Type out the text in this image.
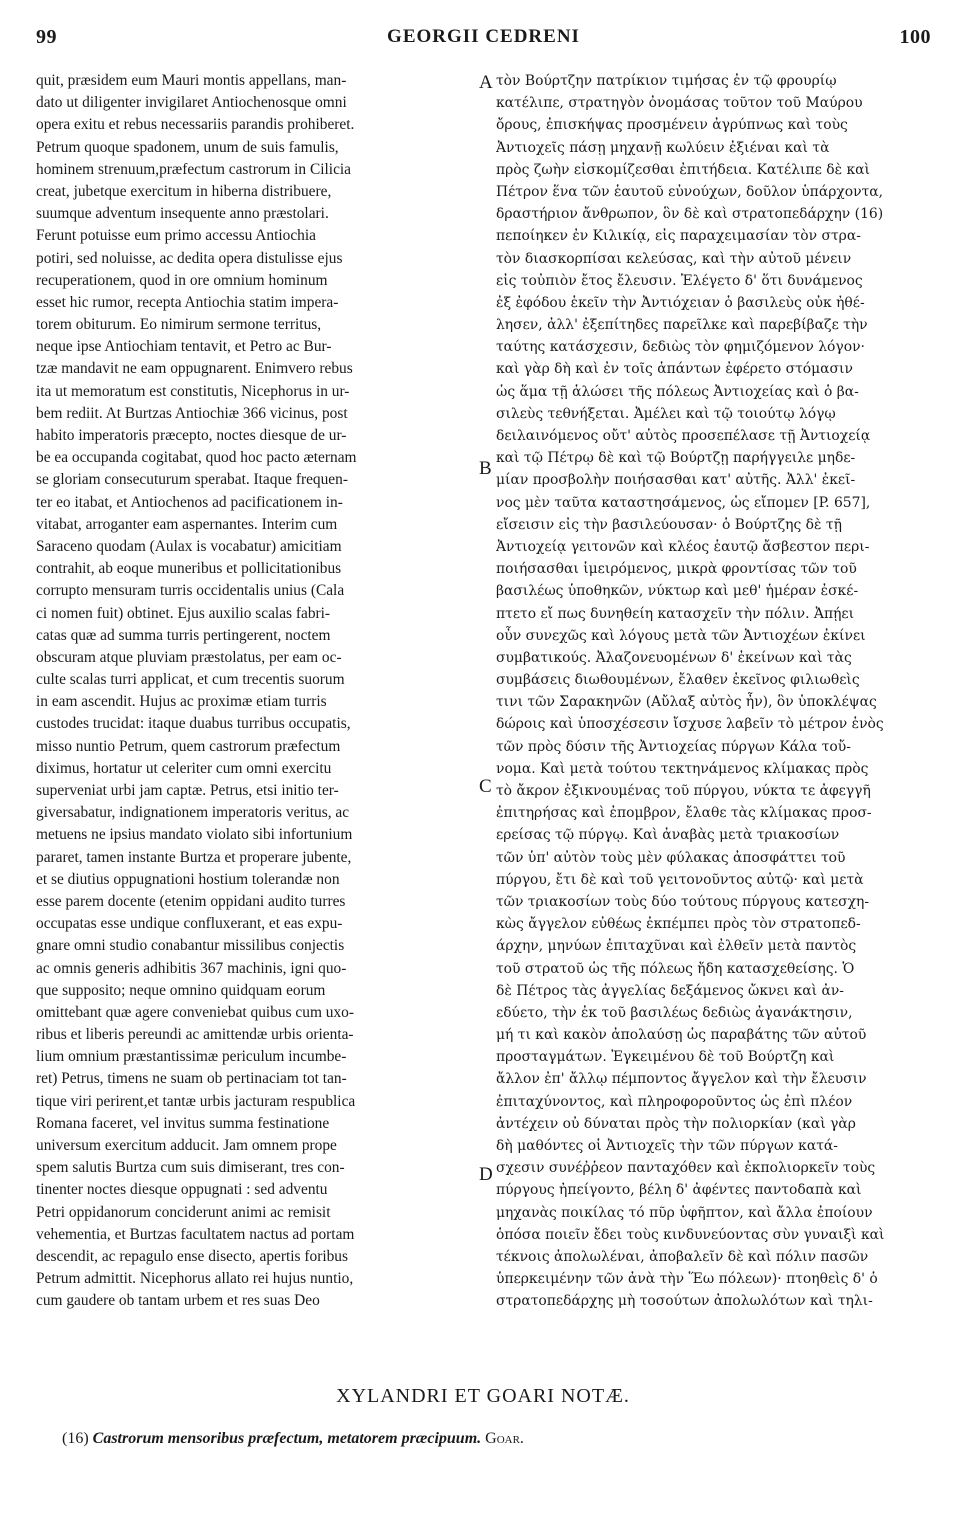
99	GEORGII CEDRENI	100
quit, præsidem eum Mauri montis appellans, man-
dato ut diligenter invigilaret Antiochenosque omni
opera exitu et rebus necessariis parandis prohiberet.
Petrum quoque spadonem, unum de suis famulis,
hominem strenuum,præfectum castrorum in Cilicia
creat, jubetque exercitum in hiberna distribuere,
suumque adventum insequente anno præstolari.
Ferunt potuisse eum primo accessu Antiochia
potiri, sed noluisse, ac dedita opera distulisse ejus
recuperationem, quod in ore omnium hominum
esset hic rumor, recepta Antiochia statim impera-
torem obiturum. Eo nimirum sermone territus,
neque ipse Antiochiam tentavit, et Petro ac Bur-
tzæ mandavit ne eam oppugnarent. Enimvero rebus
ita ut memoratum est constitutis, Nicephorus in ur-
bem rediit. At Burtzas Antiochiæ 366 vicinus, post
habito imperatoris præcepto, noctes diesque de ur-
be ea occupanda cogitabat, quod hoc pacto æternam
se gloriam consecuturum sperabat. Itaque frequen-
ter eo itabat, et Antiochenos ad pacificationem in-
vitabat, arroganter eam aspernantes. Interim cum
Saraceno quodam (Aulax is vocabatur) amicitiam
contrahit, ab eoque muneribus et pollicitationibus
corrupto mensuram turris occidentalis unius (Cala
ci nomen fuit) obtinet. Ejus auxilio scalas fabri-
catas quæ ad summa turris pertingerent, noctem
obscuram atque pluviam præstolatus, per eam oc-
culte scalas turri applicat, et cum trecentis suorum
in eam ascendit. Hujus ac proximæ etiam turris
custodes trucidat: itaque duabus turribus occupatis,
misso nuntio Petrum, quem castrorum præfectum
diximus, hortatur ut celeriter cum omni exercitu
superveniat urbi jam captæ. Petrus, etsi initio ter-
giversabatur, indignationem imperatoris veritus, ac
metuens ne ipsius mandato violato sibi infortunium
pararet, tamen instante Burtza et properare jubente,
et se diutius oppugnationi hostium tolerandæ non
esse parem docente (etenim oppidani audito turres
occupatas esse undique confluxerant, et eas expu-
gnare omni studio conabantur missilibus conjectis
ac omnis generis adhibitis 367 machinis, igni quo-
que supposito; neque omnino quidquam eorum
omittebant quæ agere conveniebat quibus cum uxo-
ribus et liberis pereundi ac amittendæ urbis orienta-
lium omnium præstantissimæ periculum incumbe-
ret) Petrus, timens ne suam ob pertinaciam tot tan-
tique viri perirent,et tantæ urbis jacturam respublica
Romana faceret, vel invitus summa festinatione
universum exercitum adducit. Jam omnem prope
spem salutis Burtza cum suis dimiserant, tres con-
tinenter noctes diesque oppugnati : sed adventu
Petri oppidanorum conciderunt animi ac remisit
vehementia, et Burtzas facultatem nactus ad portam
descendit, ac repagulo ense disecto, apertis foribus
Petrum admittit. Nicephorus allato rei hujus nuntio,
cum gaudere ob tantam urbem et res suas Deo
A
B
C
D
τὸν Βούρτζην πατρίκιον τιμήσας ἐν τῷ φρουρίῳ
κατέλιπε, στρατηγὸν ὀνομάσας τοῦτον τοῦ Μαύρου
ὄρους, ἐπισκήψας προσμένειν ἀγρύπνως καὶ τοὺς
Ἀντιοχεῖς πάσῃ μηχανῇ κωλύειν ἐξιέναι καὶ τὰ
πρὸς ζωὴν εἰσκομίζεσθαι ἐπιτήδεια. Κατέλιπε δὲ καὶ
Πέτρον ἕνα τῶν ἑαυτοῦ εὐνούχων, δοῦλον ὑπάρχοντα,
δραστήριον ἄνθρωπον, ὃν δὲ καὶ στρατοπεδάρχην (16)
πεποίηκεν ἐν Κιλικίᾳ, εἰς παραχειμασίαν τὸν στρα-
τὸν διασκορπίσαι κελεύσας, καὶ τὴν αὐτοῦ μένειν
εἰς τοὐπιὸν ἔτος ἔλευσιν. Ἐλέγετο δ' ὅτι δυνάμενος
ἐξ ἐφόδου ἑκεῖν τὴν Ἀντιόχειαν ὁ βασιλεὺς οὐκ ἠθέ-
λησεν, ἀλλ' ἐξεπίτηδες παρεῖλκε καὶ παρεβίβαζε τὴν
ταύτης κατάσχεσιν, δεδιὼς τὸν φημιζόμενον λόγον·
καὶ γὰρ δὴ καὶ ἐν τοῖς ἁπάντων ἐφέρετο στόμασιν
ὡς ἅμα τῇ ἁλώσει τῆς πόλεως Ἀντιοχείας καὶ ὁ βα-
σιλεὺς τεθνήξεται. Ἀμέλει καὶ τῷ τοιούτῳ λόγῳ
δειλαινόμενος οὔτ' αὐτὸς προσεπέλασε τῇ Ἀντιοχείᾳ
καὶ τῷ Πέτρῳ δὲ καὶ τῷ Βούρτζῃ παρήγγειλε μηδε-
μίαν προσβολὴν ποιήσασθαι κατ' αὐτῆς. Ἀλλ' ἐκεῖ-
νος μὲν ταῦτα καταστησάμενος, ὡς εἴπομεν [P. 657],
εἴσεισιν εἰς τὴν βασιλεύουσαν· ὁ Βούρτζης δὲ τῇ
Ἀντιοχείᾳ γειτονῶν καὶ κλέος ἑαυτῷ ἄσβεστον περι-
ποιήσασθαι ἱμειρόμενος, μικρὰ φροντίσας τῶν τοῦ
βασιλέως ὑποθηκῶν, νύκτωρ καὶ μεθ' ἡμέραν ἐσκέ-
πτετο εἴ πως δυνηθείη κατασχεῖν τὴν πόλιν. Ἀπῄει
οὖν συνεχῶς καὶ λόγους μετὰ τῶν Ἀντιοχέων ἐκίνει
συμβατικούς. Ἀλαζονευομένων δ' ἐκείνων καὶ τὰς
συμβάσεις διωθουμένων, ἔλαθεν ἐκεῖνος φιλιωθεὶς
τινι τῶν Σαρακηνῶν (Αὔλαξ αὐτὸς ἦν), ὃν ὑποκλέψας
δώροις καὶ ὑποσχέσεσιν ἴσχυσε λαβεῖν τὸ μέτρον ἑνὸς
τῶν πρὸς δύσιν τῆς Ἀντιοχείας πύργων Κάλα τοὔ-
νομα. Καὶ μετὰ τούτου τεκτηνάμενος κλίμακας πρὸς
τὸ ἄκρον ἐξικνουμένας τοῦ πύργου, νύκτα τε ἀφεγγῆ
ἐπιτηρήσας καὶ ἐπομβρον, ἔλαθε τὰς κλίμακας προσ-
ερείσας τῷ πύργῳ. Καὶ ἀναβὰς μετὰ τριακοσίων
τῶν ὑπ' αὐτὸν τοὺς μὲν φύλακας ἀποσφάττει τοῦ
πύργου, ἔτι δὲ καὶ τοῦ γειτονοῦντος αὐτῷ· καὶ μετὰ
τῶν τριακοσίων τοὺς δύο τούτους πύργους κατεσχη-
κὼς ἄγγελον εὐθέως ἐκπέμπει πρὸς τὸν στρατοπεδ-
άρχην, μηνύων ἐπιταχῦναι καὶ ἐλθεῖν μετὰ παντὸς
τοῦ στρατοῦ ὡς τῆς πόλεως ἤδη κατασχεθείσης. Ὁ
δὲ Πέτρος τὰς ἀγγελίας δεξάμενος ὤκνει καὶ ἀν-
εδύετο, τὴν ἐκ τοῦ βασιλέως δεδιὼς ἀγανάκτησιν,
μή τι καὶ κακὸν ἀπολαύσῃ ὡς παραβάτης τῶν αὐτοῦ
προσταγμάτων. Ἐγκειμένου δὲ τοῦ Βούρτζη καὶ
ἄλλον ἐπ' ἄλλῳ πέμποντος ἄγγελον καὶ τὴν ἔλευσιν
ἐπιταχύνοντος, καὶ πληροφοροῦντος ὡς ἐπὶ πλέον
ἀντέχειν οὐ δύναται πρὸς τὴν πολιορκίαν (καὶ γὰρ
δὴ μαθόντες οἱ Ἀντιοχεῖς τὴν τῶν πύργων κατά-
σχεσιν συνέῤῥεον πανταχόθεν καὶ ἐκπολιορκεῖν τοὺς
πύργους ἠπείγοντο, βέλη δ' ἀφέντες παντοδαπὰ καὶ
μηχανὰς ποικίλας τό πῦρ ὑφῆπτον, καὶ ἄλλα ἐποίουν
ὁπόσα ποιεῖν ἔδει τοὺς κινδυνεύοντας σὺν γυναιξὶ καὶ
τέκνοις ἀπολωλέναι, ἀποβαλεῖν δὲ καὶ πόλιν πασῶν
ὑπερκειμένην τῶν ἀνὰ τὴν Ἕω πόλεων)· πτοηθεὶς δ' ὁ
στρατοπεδάρχης μὴ τοσούτων ἀπολωλότων καὶ τηλι-
XYLANDRI ET GOARI NOTÆ.
(16) Castrorum mensoribus præfectum, metatorem præcipuum. Goar.
